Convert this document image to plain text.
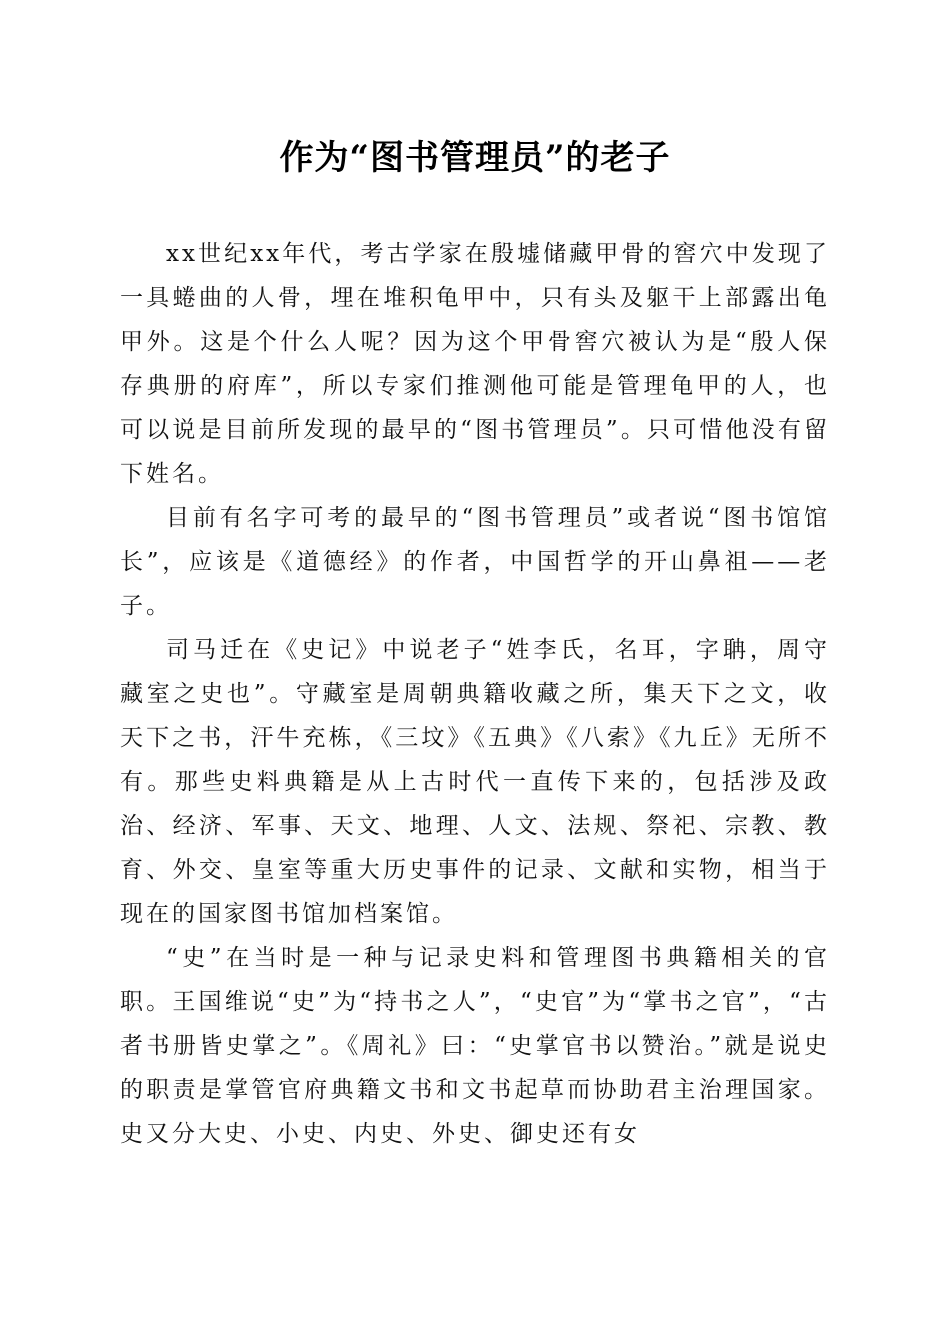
作为“图书管理员”的老子

xx世纪xx年代，考古学家在殷墟储藏甲骨的窖穴中发现了一具蜷曲的人骨，埋在堆积龟甲中，只有头及躯干上部露出龟甲外。这是个什么人呢？因为这个甲骨窖穴被认为是“殷人保存典册的府库”，所以专家们推测他可能是管理龟甲的人，也可以说是目前所发现的最早的“图书管理员”。只可惜他没有留下姓名。

目前有名字可考的最早的“图书管理员”或者说“图书馆馆长”，应该是《道德经》的作者，中国哲学的开山鼻祖——老子。

司马迁在《史记》中说老子“姓李氏，名耳，字聃，周守藏室之史也”。守藏室是周朝典籍收藏之所，集天下之文，收天下之书，汗牛充栋，《三坟》《五典》《八索》《九丘》无所不有。那些史料典籍是从上古时代一直传下来的，包括涉及政治、经济、军事、天文、地理、人文、法规、祭祀、宗教、教育、外交、皇室等重大历史事件的记录、文献和实物，相当于现在的国家图书馆加档案馆。

“史”在当时是一种与记录史料和管理图书典籍相关的官职。王国维说“史”为“持书之人”，“史官”为“掌书之官”，“古者书册皆史掌之”。《周礼》曰：“史掌官书以赞治。”就是说史的职责是掌管官府典籍文书和文书起草而协助君主治理国家。史又分大史、小史、内史、外史、御史还有女
